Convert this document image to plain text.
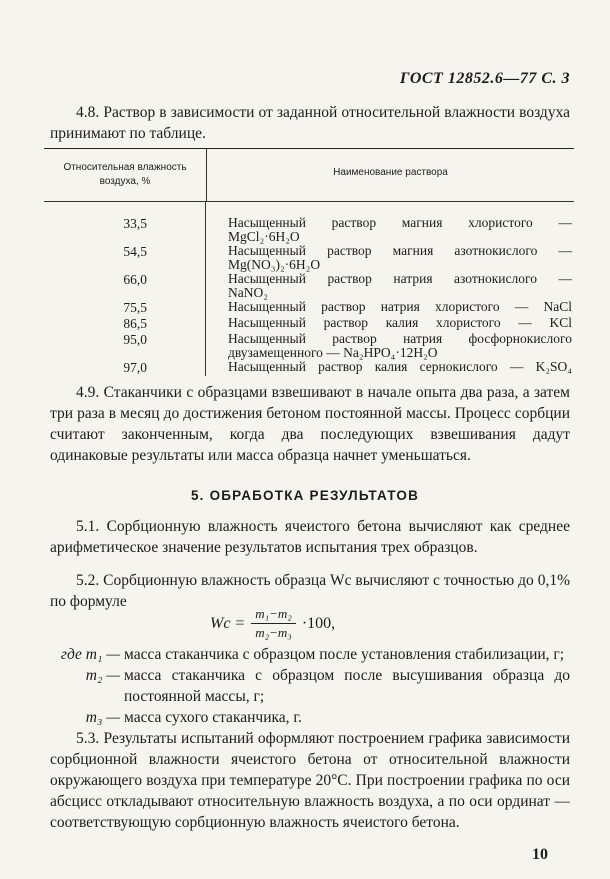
ГОСТ 12852.6—77 С. 3
4.8. Раствор в зависимости от заданной относительной влажности воздуха принимают по таблице.
Относительная влажность воздуха, %
Наименование раствора
33,5	Насыщенный раствор магния хлористого —
MgCl₂·6H₂O
54,5	Насыщенный раствор магния азотнокислого —
Mg(NO₃)₂·6H₂O
66,0	Насыщенный раствор натрия азотнокислого —
NaNO₂
75,5	Насыщенный раствор натрия хлористого — NaCl
86,5	Насыщенный раствор калия хлористого — KCl
95,0	Насыщенный раствор натрия фосфорнокислого
двузамещенного — Na₂HPO₄·12H₂O
97,0	Насыщенный раствор калия сернокислого — K₂SO₄
4.9. Стаканчики с образцами взвешивают в начале опыта два раза, а затем три раза в месяц до достижения бетоном постоянной массы. Процесс сорбции считают законченным, когда два последующих взвешивания дадут одинаковые результаты или масса образца начнет уменьшаться.
5. ОБРАБОТКА РЕЗУЛЬТАТОВ
5.1. Сорбционную влажность ячеистого бетона вычисляют как среднее арифметическое значение результатов испытания трех образцов.
5.2. Сорбционную влажность образца Wс вычисляют с точностью до 0,1% по формуле
Wс = $\frac{\text{m₁−m₂}}{\text{m₂−m₃}} \cdot 100$,
где m₁ — масса стаканчика с образцом после установления стабилизации, г;
m₂ — масса стаканчика с образцом после высушивания образца до постоянной массы, г;
m₃ — масса сухого стаканчика, г.
5.3. Результаты испытаний оформляют построением графика зависимости сорбционной влажности ячеистого бетона от относительной влажности окружающего воздуха при температуре 20°С. При построении графика по оси абсцисс откладывают относительную влажность воздуха, а по оси ординат — соответствующую сорбционную влажность ячеистого бетона.
10
